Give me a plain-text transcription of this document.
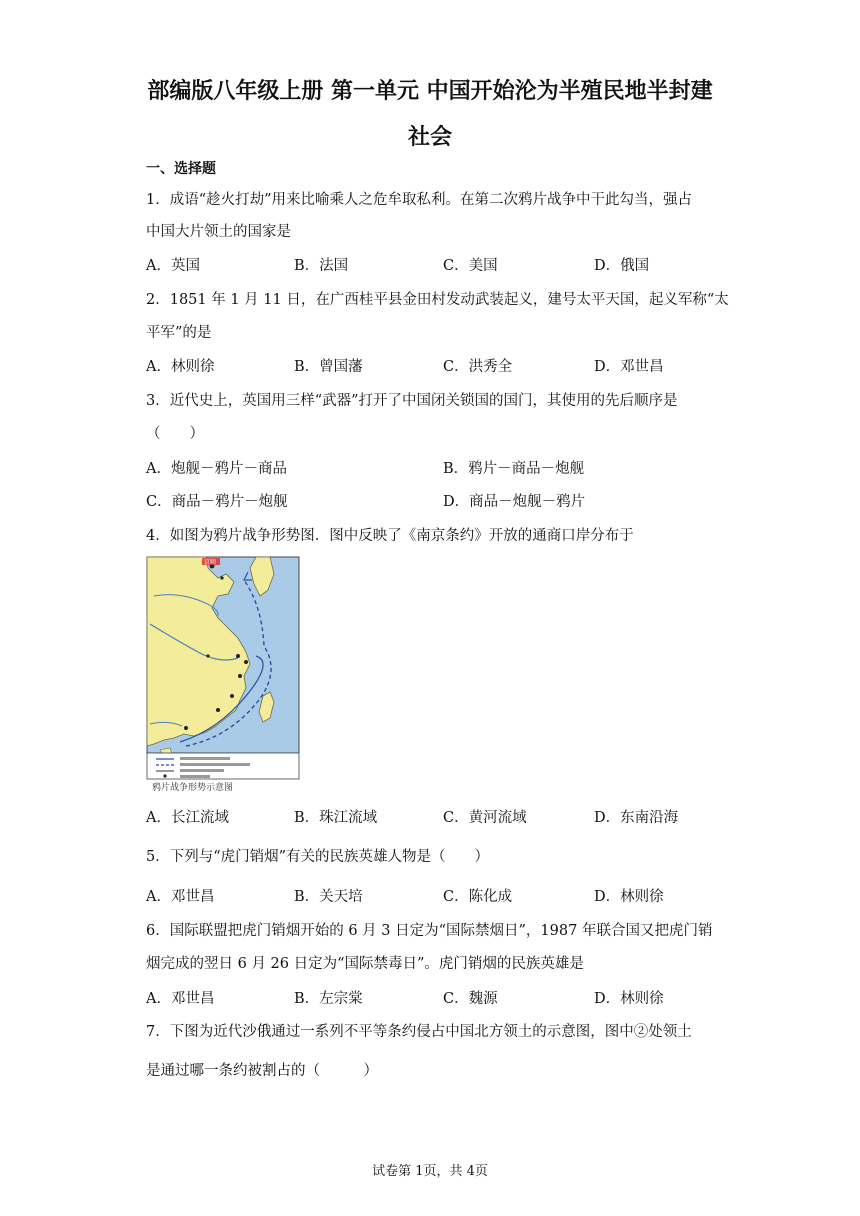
部编版八年级上册 第一单元 中国开始沦为半殖民地半封建
社会
一、选择题
1．成语“趁火打劫”用来比喻乘人之危牟取私利。在第二次鸦片战争中干此勾当，强占
中国大片领土的国家是
A．英国	B．法国	C．美国	D．俄国
2．1851 年 1 月 11 日，在广西桂平县金田村发动武装起义，建号太平天国，起义军称“太
平军”的是
A．林则徐	B．曾国藩	C．洪秀全	D．邓世昌
3．近代史上，英国用三样“武器”打开了中国闭关锁国的国门，其使用的先后顺序是
（　　）
A．炮舰－鸦片－商品	B．鸦片－商品－炮舰
C．商品－鸦片－炮舰	D．商品－炮舰－鸦片
4．如图为鸦片战争形势图．图中反映了《南京条约》开放的通商口岸分布于
京师
鸦片战争形势示意图
A．长江流域	B．珠江流域	C．黄河流域	D．东南沿海
5．下列与“虎门销烟”有关的民族英雄人物是（　　）
A．邓世昌	B．关天培	C．陈化成	D．林则徐
6．国际联盟把虎门销烟开始的 6 月 3 日定为“国际禁烟日”，1987 年联合国又把虎门销
烟完成的翌日 6 月 26 日定为“国际禁毒日”。虎门销烟的民族英雄是
A．邓世昌	B．左宗棠	C．魏源	D．林则徐
7．下图为近代沙俄通过一系列不平等条约侵占中国北方领土的示意图，图中②处领土
是通过哪一条约被割占的（　　　）
试卷第 1页，共 4页
